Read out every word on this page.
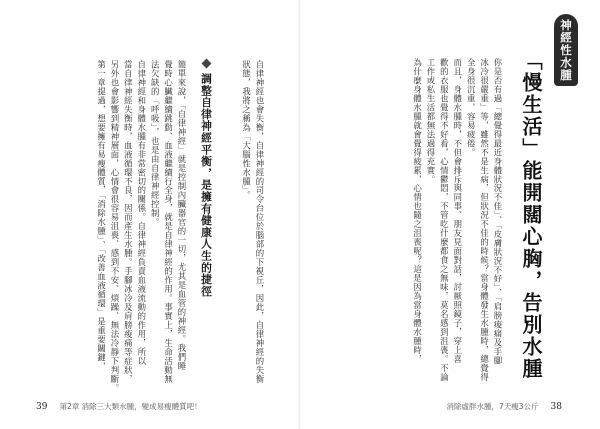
自律神經也會失衡，自律神經的司令台位於腦部的下視丘，因此，自律神經的失衡

狀態，我將之稱為「大腦性水腫」。

調整自律神經平衡，是擁有健康人生的捷徑

簡單來說，「自律神經」就是控制內臟器官的一切，尤其是血管的神經。我們睡

覺時心臟繼續跳動、血液繼續行全身，就是自律神經的作用。事實上，生命活動無

法欠缺的「呼吸」，也是由自律神經控制。

自律神經和身體水腫有非常密切的關係。自律神經負責血液流動的作用，所以

當自律神經失衡時，血液循環不良，因而產生水腫。手腳冰冷及肩膀痠痛等症狀，

另外也會影響到精神層面，心情會很容易沮喪、感到不安、煩躁、無法冷靜下判斷。

第一章提過，想要擁有易瘦體質，「消除水腫」、「改善血液循環」是重要關鍵，

39 第2章 消除三大類水腫，變成易瘦體質吧！
神經性水腫
「慢生活」能開闊心胸，告別水腫

你是否有過「總覺得最近身體狀況不佳」、「皮膚狀況不好」、「肩膀痠痛及手腳

冰冷很嚴重」等，雖然不是生病，但狀況不佳的時候？當身體發生水腫時，總覺得

全身很沉重，容易疲倦。

而且，身體水腫時，不但會排斥與同事、朋友見面對話，討厭照鏡子，穿上喜

歡的衣服也覺得不好看，心情鬱悶，不管吃什麼都食之無味，莫名感到沮喪。不論

工作或私生活都無法過得充實。

為什麼身體水腫就會覺得疲累，心情也隨之沮喪呢？這是因為當身體水腫時，

消除虛胖水腫，7天瘦3公斤 38
